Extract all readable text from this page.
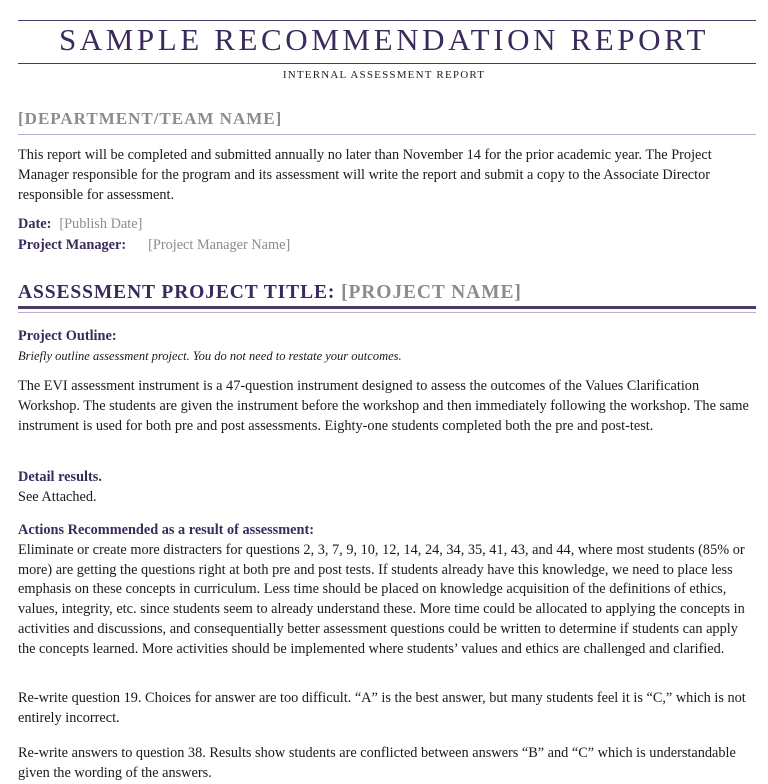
SAMPLE RECOMMENDATION REPORT
INTERNAL ASSESSMENT REPORT
[DEPARTMENT/TEAM NAME]
This report will be completed and submitted annually no later than November 14 for the prior academic year. The Project Manager responsible for the program and its assessment will write the report and submit a copy to the Associate Director responsible for assessment.
Date: [Publish Date]
Project Manager: [Project Manager Name]
ASSESSMENT PROJECT TITLE: [PROJECT NAME]
Project Outline:
Briefly outline assessment project. You do not need to restate your outcomes.
The EVI assessment instrument is a 47-question instrument designed to assess the outcomes of the Values Clarification Workshop. The students are given the instrument before the workshop and then immediately following the workshop. The same instrument is used for both pre and post assessments. Eighty-one students completed both the pre and post-test.
Detail results.
See Attached.
Actions Recommended as a result of assessment:
Eliminate or create more distracters for questions 2, 3, 7, 9, 10, 12, 14, 24, 34, 35, 41, 43, and 44, where most students (85% or more) are getting the questions right at both pre and post tests. If students already have this knowledge, we need to place less emphasis on these concepts in curriculum. Less time should be placed on knowledge acquisition of the definitions of ethics, values, integrity, etc. since students seem to already understand these. More time could be allocated to applying the concepts in activities and discussions, and consequentially better assessment questions could be written to determine if students can apply the concepts learned. More activities should be implemented where students’ values and ethics are challenged and clarified.
Re-write question 19. Choices for answer are too difficult. “A” is the best answer, but many students feel it is “C,” which is not entirely incorrect.
Re-write answers to question 38. Results show students are conflicted between answers “B” and “C” which is understandable given the wording of the answers.
